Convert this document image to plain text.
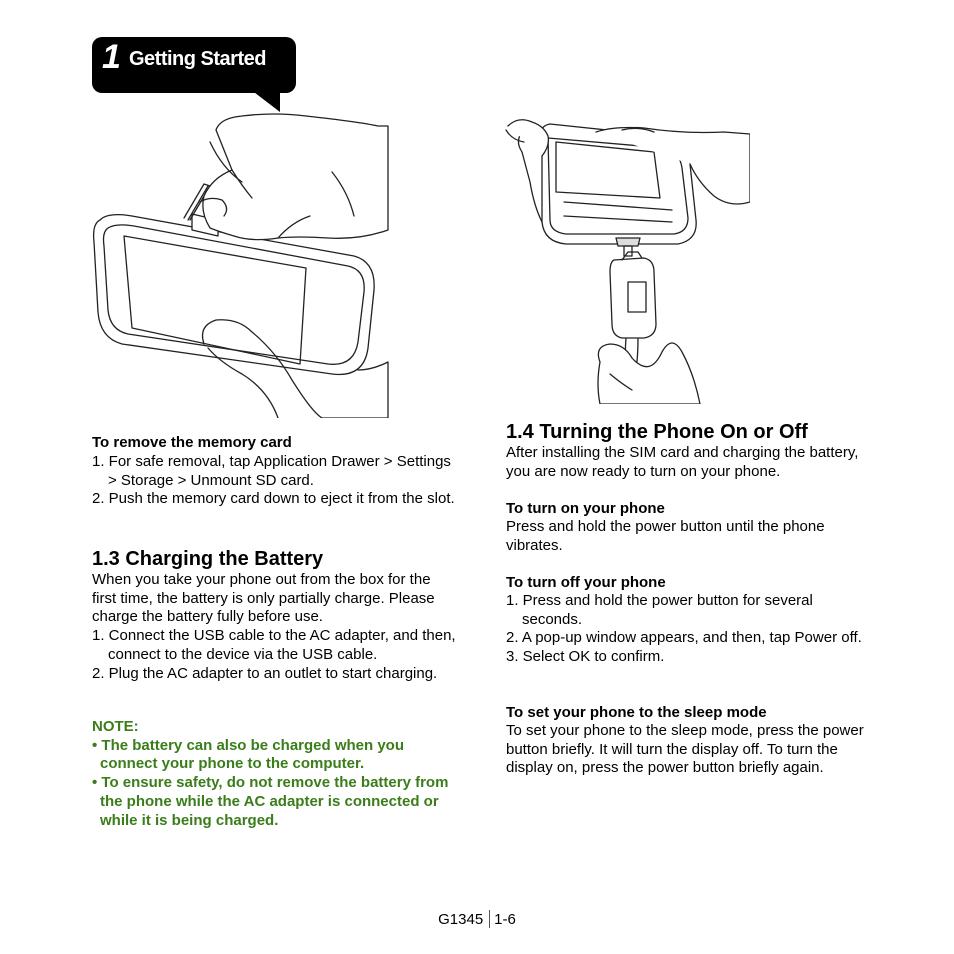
1 Getting Started
To remove the memory card

1. For safe removal, tap Application Drawer > Settings > Storage > Unmount SD card.

2. Push the memory card down to eject it from the slot.

1.3 Charging the Battery

When you take your phone out from the box for the first time, the battery is only partially charge. Please charge the battery fully before use.

1. Connect the USB cable to the AC adapter, and then, connect to the device via the USB cable.

2. Plug the AC adapter to an outlet to start charging.

NOTE:

• The battery can also be charged when you connect your phone to the computer.

• To ensure safety, do not remove the battery from the phone while the AC adapter is connected or while it is being charged.

1.4 Turning the Phone On or Off

After installing the SIM card and charging the battery, you are now ready to turn on your phone.

To turn on your phone

Press and hold the power button until the phone vibrates.

To turn off your phone

1. Press and hold the power button for several seconds.

2. A pop-up window appears, and then, tap Power off.

3. Select OK to confirm.

To set your phone to the sleep mode

To set your phone to the sleep mode, press the power button briefly. It will turn the display off. To turn the display on, press the power button briefly again.

G1345 1-6
